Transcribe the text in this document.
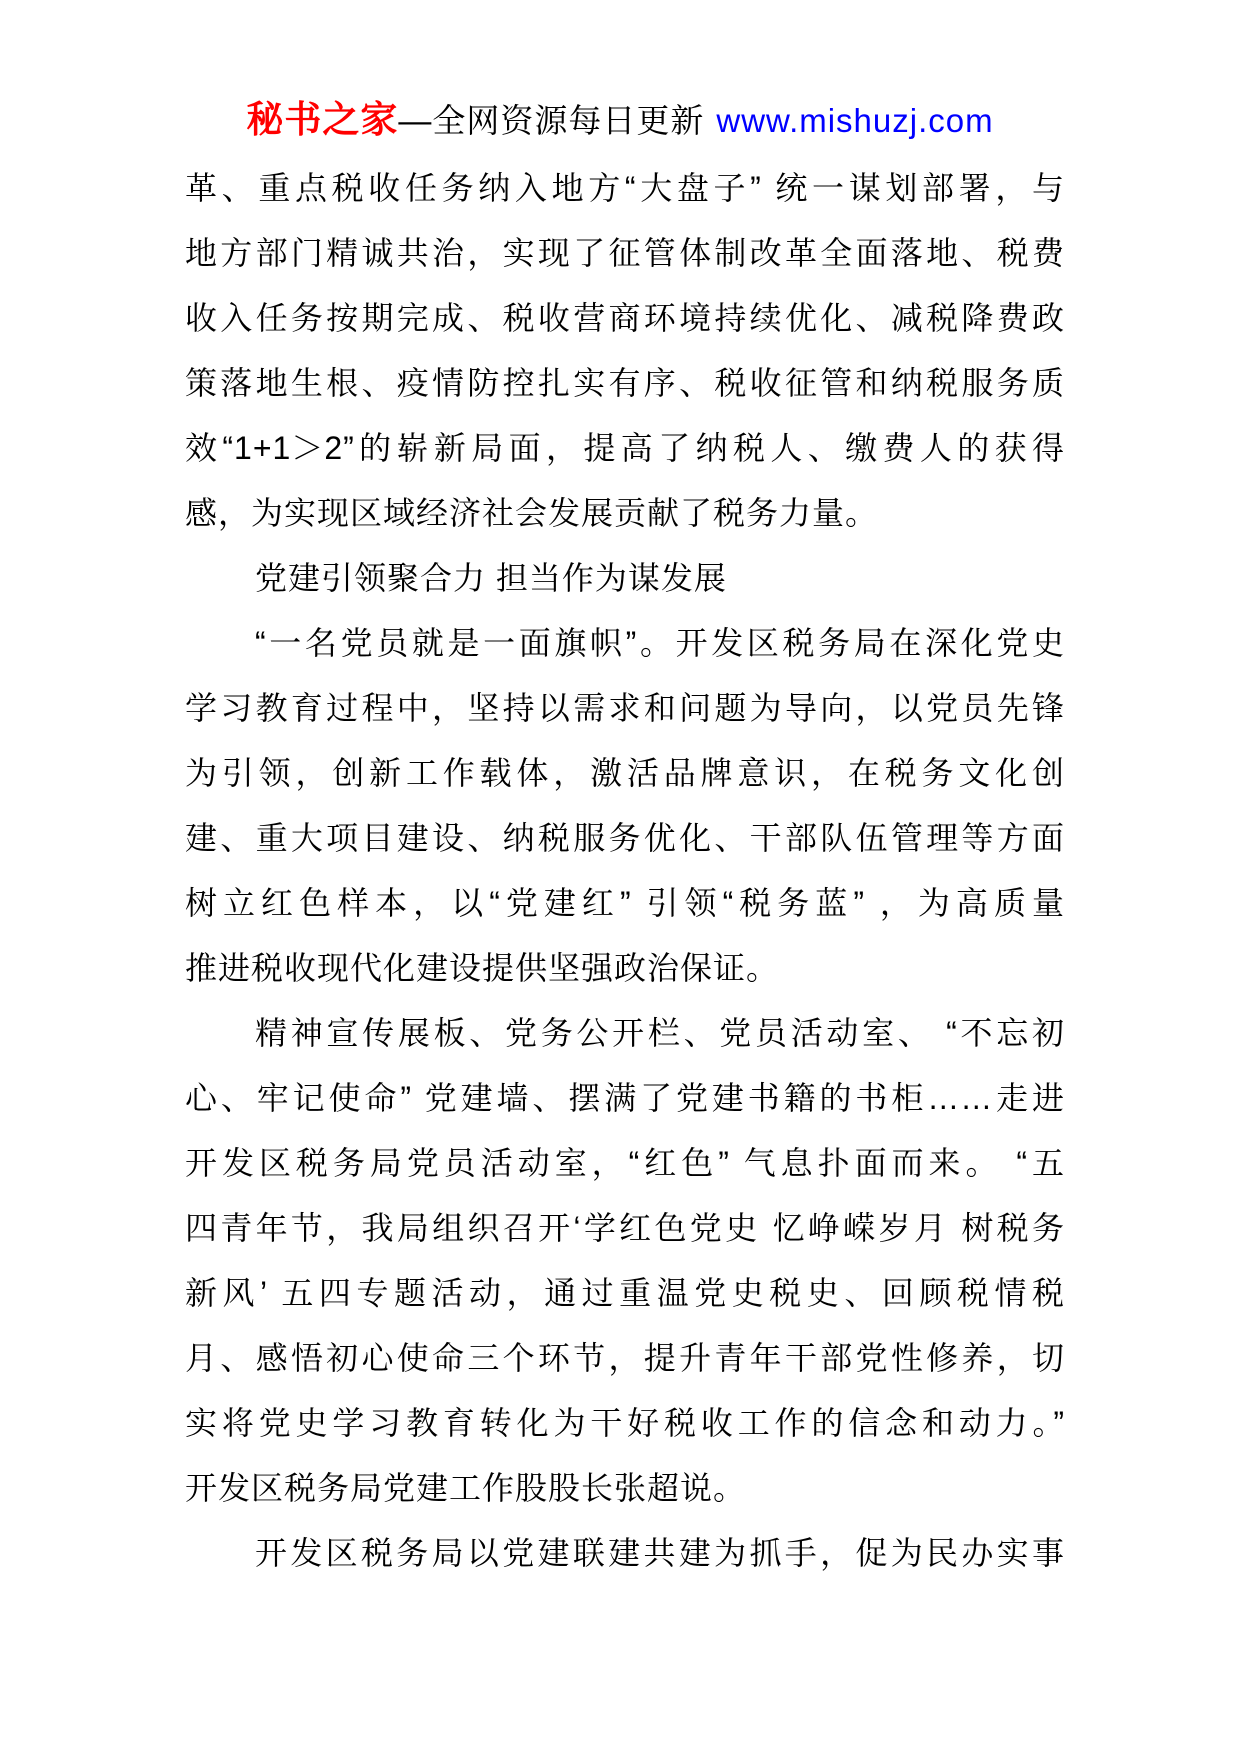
秘书之家—全网资源每日更新 www.mishuzj.com
革、重点税收任务纳入地方“大盘子” 统一谋划部署，与
地方部门精诚共治，实现了征管体制改革全面落地、税费
收入任务按期完成、税收营商环境持续优化、减税降费政
策落地生根、疫情防控扎实有序、税收征管和纳税服务质
效“1+1＞2”的崭新局面，提高了纳税人、缴费人的获得
感，为实现区域经济社会发展贡献了税务力量。
党建引领聚合力 担当作为谋发展
“一名党员就是一面旗帜”。开发区税务局在深化党史
学习教育过程中，坚持以需求和问题为导向，以党员先锋
为引领，创新工作载体，激活品牌意识，在税务文化创
建、重大项目建设、纳税服务优化、干部队伍管理等方面
树立红色样本，以“党建红” 引领“税务蓝” ，为高质量
推进税收现代化建设提供坚强政治保证。
精神宣传展板、党务公开栏、党员活动室、 “不忘初
心、牢记使命” 党建墙、摆满了党建书籍的书柜……走进
开发区税务局党员活动室，“红色” 气息扑面而来。 “五
四青年节，我局组织召开‘学红色党史 忆峥嵘岁月 树税务
新风’ 五四专题活动，通过重温党史税史、回顾税情税
月、感悟初心使命三个环节，提升青年干部党性修养，切
实将党史学习教育转化为干好税收工作的信念和动力。”
开发区税务局党建工作股股长张超说。
开发区税务局以党建联建共建为抓手，促为民办实事
